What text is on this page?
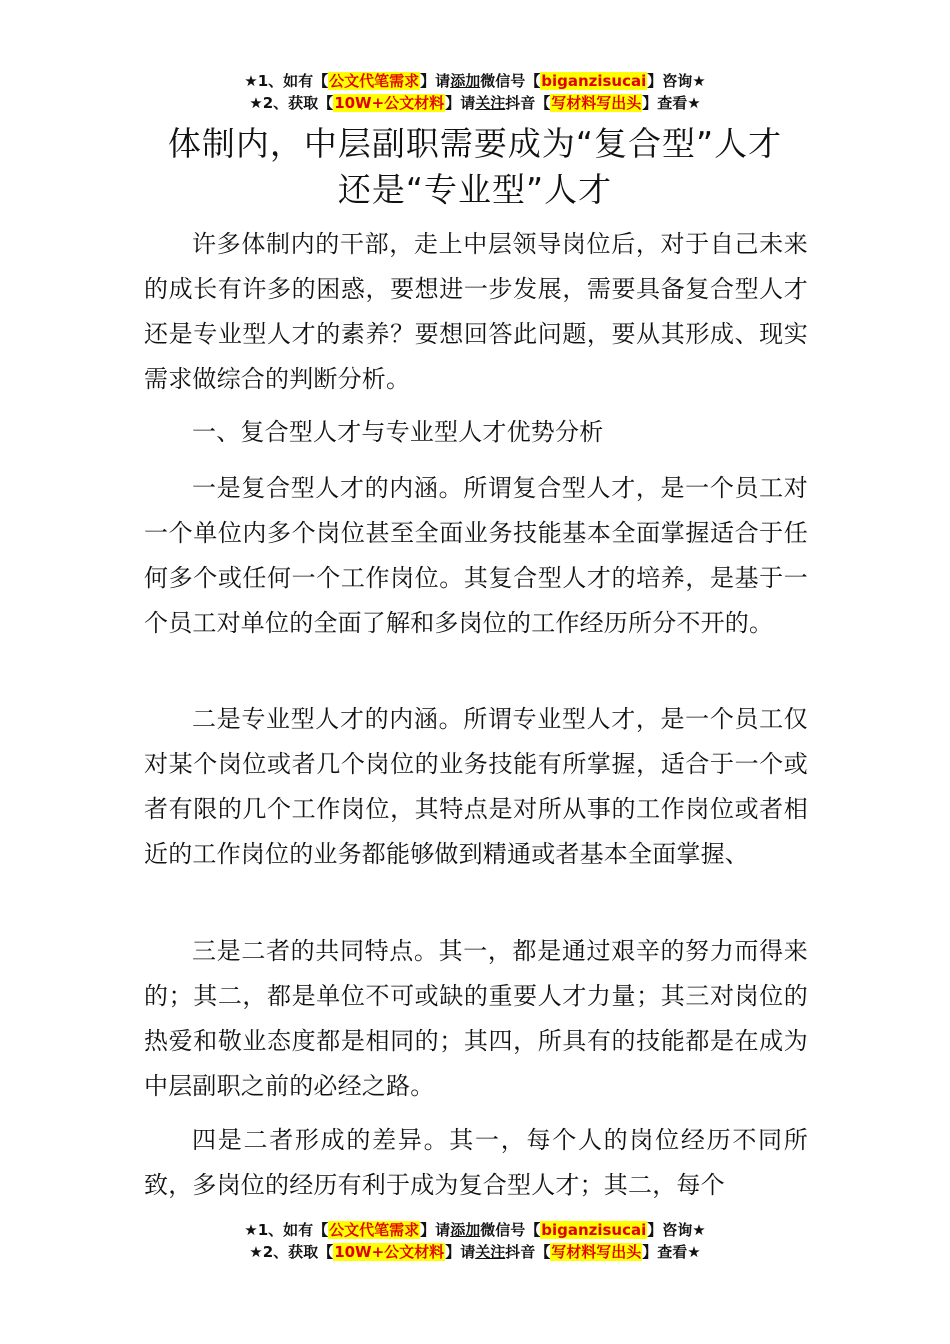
★1、如有【公文代笔需求】请添加微信号【biganzisucai】咨询★
★2、获取【10W+公文材料】请关注抖音【写材料写出头】查看★
体制内，中层副职需要成为“复合型”人才
还是“专业型”人才

许多体制内的干部，走上中层领导岗位后，对于自己未来的成长有许多的困惑，要想进一步发展，需要具备复合型人才还是专业型人才的素养？要想回答此问题，要从其形成、现实需求做综合的判断分析。

一、复合型人才与专业型人才优势分析

一是复合型人才的内涵。所谓复合型人才，是一个员工对一个单位内多个岗位甚至全面业务技能基本全面掌握适合于任何多个或任何一个工作岗位。其复合型人才的培养，是基于一个员工对单位的全面了解和多岗位的工作经历所分不开的。

二是专业型人才的内涵。所谓专业型人才，是一个员工仅对某个岗位或者几个岗位的业务技能有所掌握，适合于一个或者有限的几个工作岗位，其特点是对所从事的工作岗位或者相近的工作岗位的业务都能够做到精通或者基本全面掌握、

三是二者的共同特点。其一，都是通过艰辛的努力而得来的；其二，都是单位不可或缺的重要人才力量；其三对岗位的热爱和敬业态度都是相同的；其四，所具有的技能都是在成为中层副职之前的必经之路。

四是二者形成的差异。其一，每个人的岗位经历不同所致，多岗位的经历有利于成为复合型人才；其二，每个

★1、如有【公文代笔需求】请添加微信号【biganzisucai】咨询★
★2、获取【10W+公文材料】请关注抖音【写材料写出头】查看★
